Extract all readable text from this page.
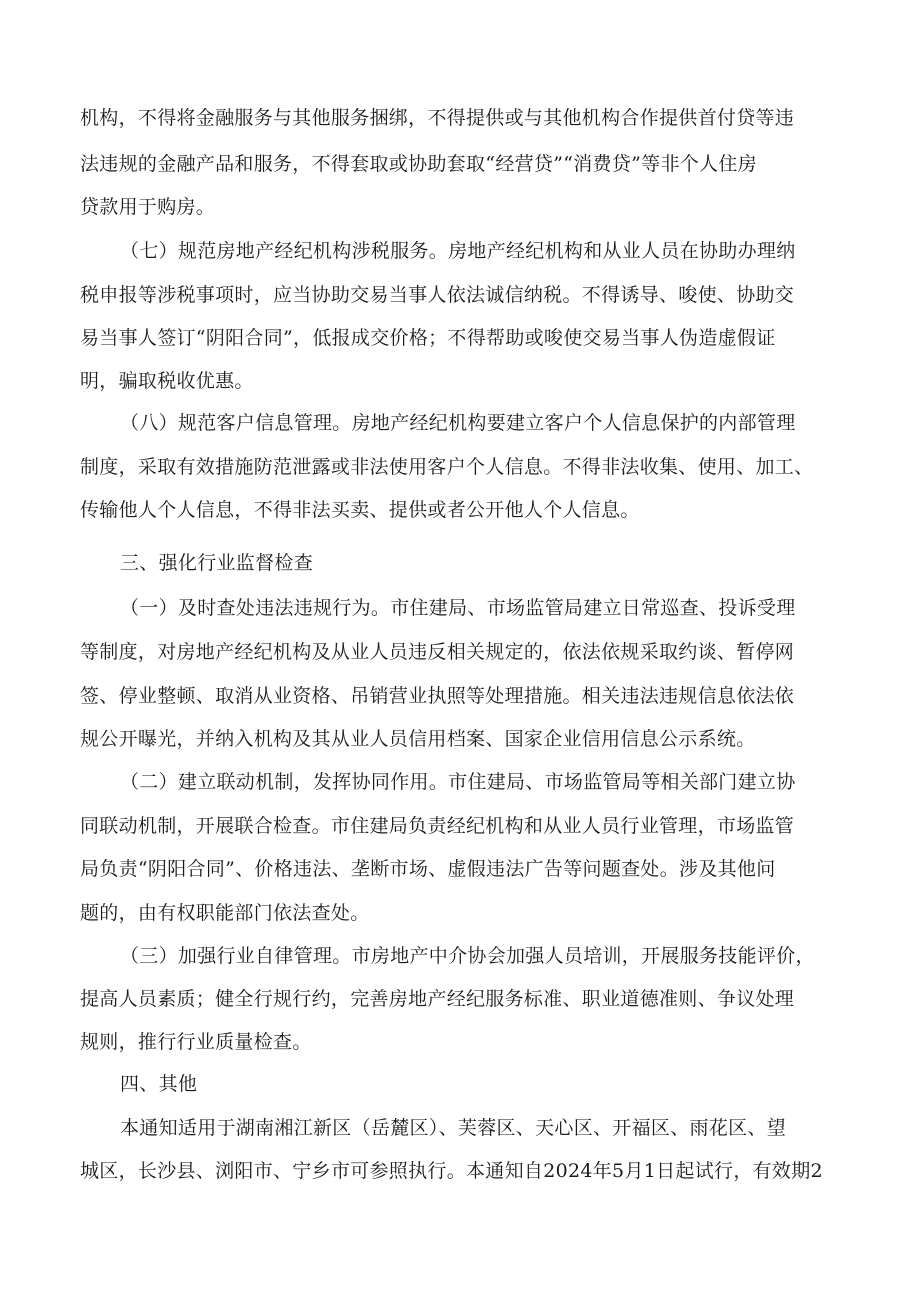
机构，不得将金融服务与其他服务捆绑，不得提供或与其他机构合作提供首付贷等违
法违规的金融产品和服务，不得套取或协助套取“经营贷”“消费贷”等非个人住房
贷款用于购房。
（七）规范房地产经纪机构涉税服务。房地产经纪机构和从业人员在协助办理纳
税申报等涉税事项时，应当协助交易当事人依法诚信纳税。不得诱导、唆使、协助交
易当事人签订“阴阳合同”，低报成交价格；不得帮助或唆使交易当事人伪造虚假证
明，骗取税收优惠。
（八）规范客户信息管理。房地产经纪机构要建立客户个人信息保护的内部管理
制度，采取有效措施防范泄露或非法使用客户个人信息。不得非法收集、使用、加工、
传输他人个人信息，不得非法买卖、提供或者公开他人个人信息。
三、强化行业监督检查
（一）及时查处违法违规行为。市住建局、市场监管局建立日常巡查、投诉受理
等制度，对房地产经纪机构及从业人员违反相关规定的，依法依规采取约谈、暂停网
签、停业整顿、取消从业资格、吊销营业执照等处理措施。相关违法违规信息依法依
规公开曝光，并纳入机构及其从业人员信用档案、国家企业信用信息公示系统。
（二）建立联动机制，发挥协同作用。市住建局、市场监管局等相关部门建立协
同联动机制，开展联合检查。市住建局负责经纪机构和从业人员行业管理，市场监管
局负责“阴阳合同”、价格违法、垄断市场、虚假违法广告等问题查处。涉及其他问
题的，由有权职能部门依法查处。
（三）加强行业自律管理。市房地产中介协会加强人员培训，开展服务技能评价，
提高人员素质；健全行规行约，完善房地产经纪服务标准、职业道德准则、争议处理
规则，推行行业质量检查。
四、其他
本通知适用于湖南湘江新区（岳麓区）、芙蓉区、天心区、开福区、雨花区、望
城区，长沙县、浏阳市、宁乡市可参照执行。本通知自2024年5月1日起试行，有效期2
